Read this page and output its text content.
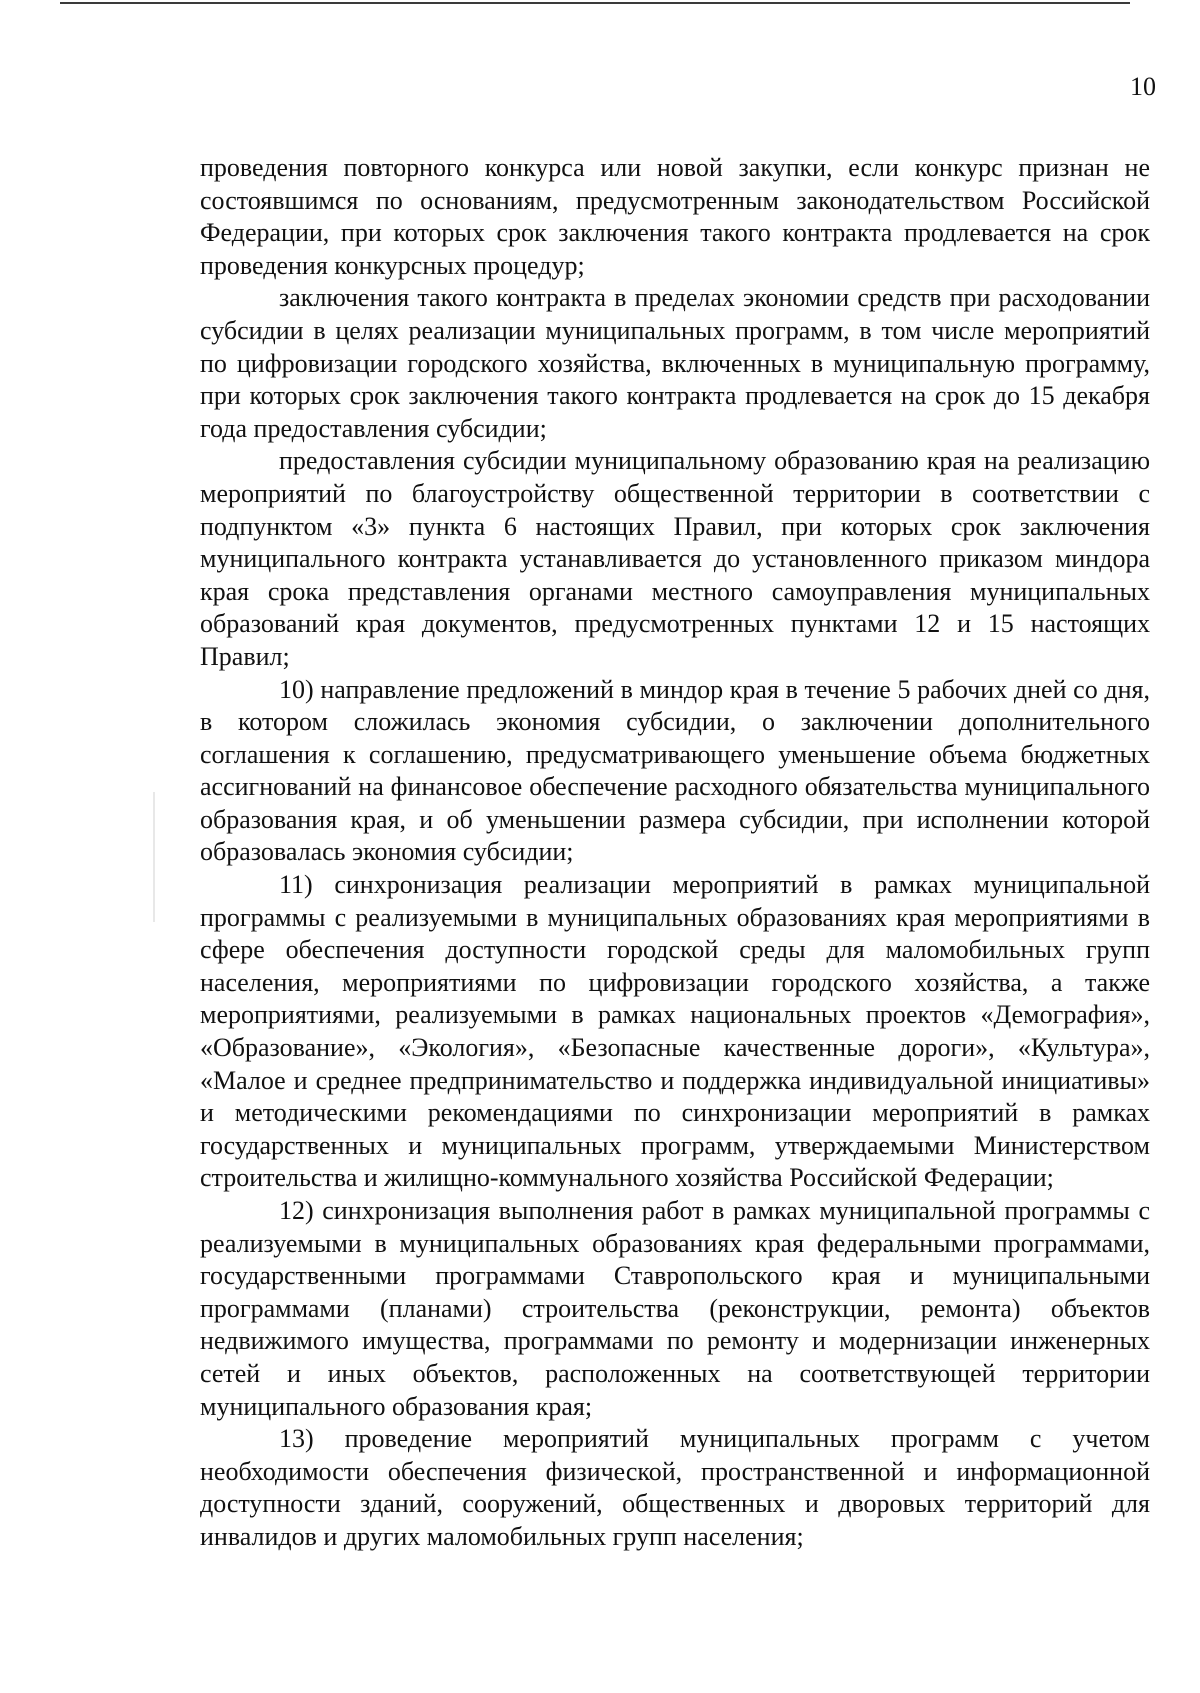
10

проведения повторного конкурса или новой закупки, если конкурс признан не состоявшимся по основаниям, предусмотренным законодательством Российской Федерации, при которых срок заключения такого контракта продлевается на срок проведения конкурсных процедур;

заключения такого контракта в пределах экономии средств при расходовании субсидии в целях реализации муниципальных программ, в том числе мероприятий по цифровизации городского хозяйства, включенных в муниципальную программу, при которых срок заключения такого контракта продлевается на срок до 15 декабря года предоставления субсидии;

предоставления субсидии муниципальному образованию края на реализацию мероприятий по благоустройству общественной территории в соответствии с подпунктом «3» пункта 6 настоящих Правил, при которых срок заключения муниципального контракта устанавливается до установленного приказом миндора края срока представления органами местного самоуправления муниципальных образований края документов, предусмотренных пунктами 12 и 15 настоящих Правил;

10) направление предложений в миндор края в течение 5 рабочих дней со дня, в котором сложилась экономия субсидии, о заключении дополнительного соглашения к соглашению, предусматривающего уменьшение объема бюджетных ассигнований на финансовое обеспечение расходного обязательства муниципального образования края, и об уменьшении размера субсидии, при исполнении которой образовалась экономия субсидии;

11) синхронизация реализации мероприятий в рамках муниципальной программы с реализуемыми в муниципальных образованиях края мероприятиями в сфере обеспечения доступности городской среды для маломобильных групп населения, мероприятиями по цифровизации городского хозяйства, а также мероприятиями, реализуемыми в рамках национальных проектов «Демография», «Образование», «Экология», «Безопасные качественные дороги», «Культура», «Малое и среднее предпринимательство и поддержка индивидуальной инициативы» и методическими рекомендациями по синхронизации мероприятий в рамках государственных и муниципальных программ, утверждаемыми Министерством строительства и жилищно-коммунального хозяйства Российской Федерации;

12) синхронизация выполнения работ в рамках муниципальной программы с реализуемыми в муниципальных образованиях края федеральными программами, государственными программами Ставропольского края и муниципальными программами (планами) строительства (реконструкции, ремонта) объектов недвижимого имущества, программами по ремонту и модернизации инженерных сетей и иных объектов, расположенных на соответствующей территории муниципального образования края;

13) проведение мероприятий муниципальных программ с учетом необходимости обеспечения физической, пространственной и информационной доступности зданий, сооружений, общественных и дворовых территорий для инвалидов и других маломобильных групп населения;
